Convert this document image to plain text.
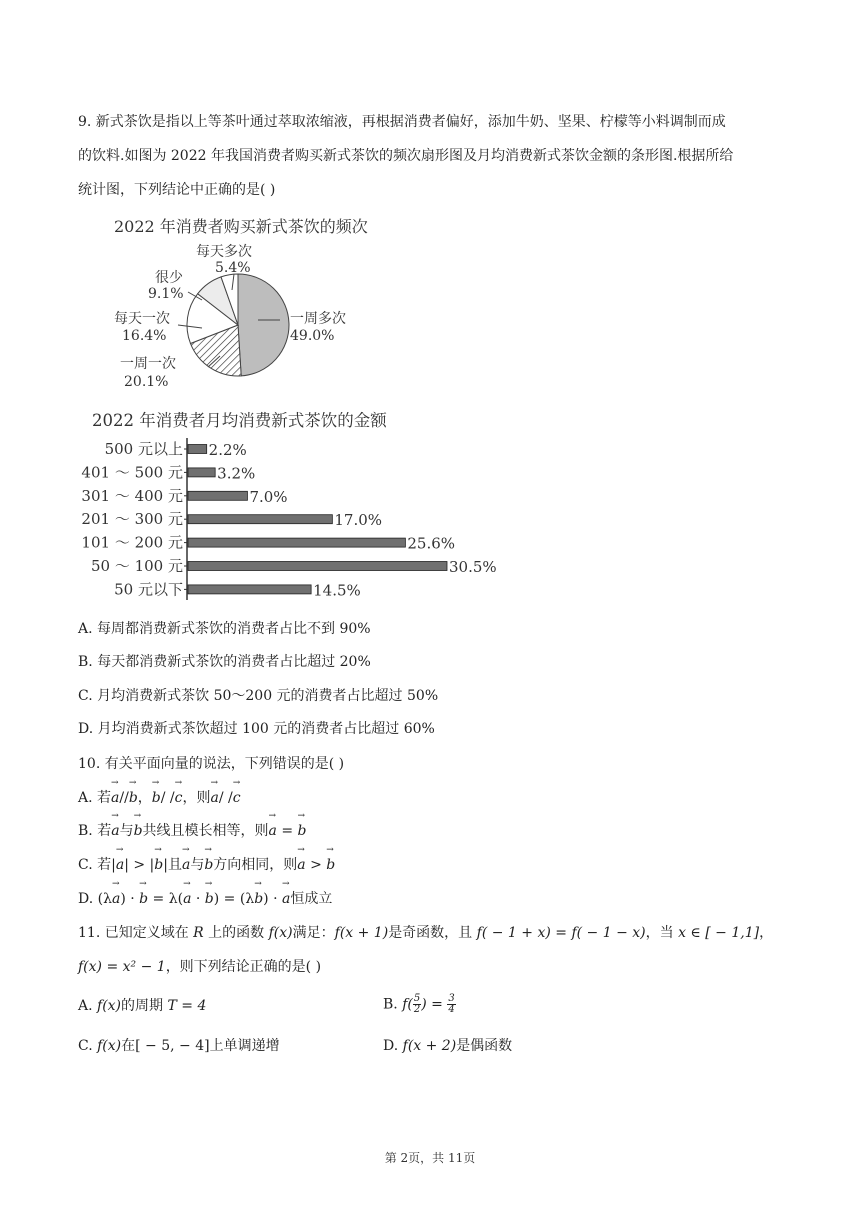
9. 新式茶饮是指以上等茶叶通过萃取浓缩液，再根据消费者偏好，添加牛奶、坚果、柠檬等小料调制而成
的饮料.如图为 2022 年我国消费者购买新式茶饮的频次扇形图及月均消费新式茶饮金额的条形图.根据所给
统计图，下列结论中正确的是( )
2022 年消费者购买新式茶饮的频次
一周多次
49.0%
一周一次
20.1%
每天一次
16.4%
很少
9.1%
每天多次
5.4%
2022 年消费者月均消费新式茶饮的金额
500 元以上 2.2%
401 ～ 500 元 3.2%
301 ～ 400 元	7.0%
201 ～ 300 元	17.0%
101 ～ 200 元	25.6%
50 ～ 100 元	30.5%
50 元以下	14.5%
A. 每周都消费新式茶饮的消费者占比不到 90%
B. 每天都消费新式茶饮的消费者占比超过 20%
C. 月均消费新式茶饮 50～200 元的消费者占比超过 50%
D. 月均消费新式茶饮超过 100 元的消费者占比超过 60%
10. 有关平面向量的说法，下列错误的是( )
A. 若→ a//→ b，→ b/ /→ c，则→ a/ /→ c
B. 若→ a与→ b共线且模长相等，则→ a = → b
C. 若|→ a| > |→ b|且→ a与→ b方向相同，则→ a > → b
D. (λ→ a) · → b = λ(→ a · → b) = (λ→ b) · → a恒成立
11. 已知定义域在 R 上的函数 f(x)满足：f(x + 1)是奇函数，且 f( − 1 + x) = f( − 1 − x)，当 x ∈ [ − 1,1]，
f(x) = x² − 1，则下列结论正确的是( )
A. f(x)的周期 T = 4	B. $f( \frac{5}{2}$ ) = $\frac{3}{4}$
C. f(x)在[ − 5, − 4]上单调递增	D. f(x + 2)是偶函数
第 2页，共 11页
